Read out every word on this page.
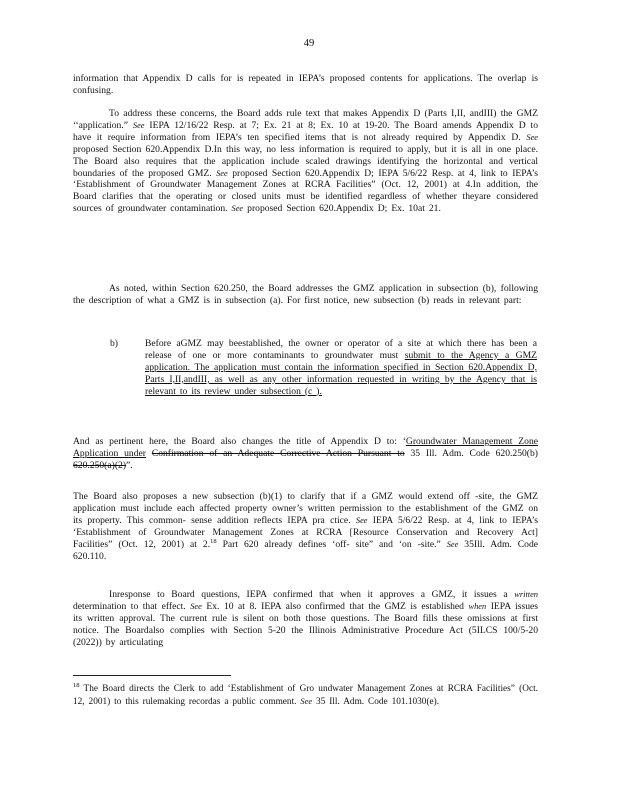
49
information that Appendix D calls for is repeated in IEPA’s proposed contents for applications. The overlap is confusing.
To address these concerns, the Board adds rule text that makes Appendix D (Parts I,II, andIII) the GMZ ‘‘application.” See IEPA 12/16/22 Resp. at 7; Ex. 21 at 8; Ex. 10 at 19-20. The Board amends Appendix D to have it require information from IEPA’s ten specified items that is not already required by Appendix D. See proposed Section 620.Appendix D.In this way, no less information is required to apply, but it is all in one place. The Board also requires that the application include scaled drawings identifying the horizontal and vertical boundaries of the proposed GMZ. See proposed Section 620.Appendix D; IEPA 5/6/22 Resp. at 4, link to IEPA’s ‘Establishment of Groundwater Management Zones at RCRA Facilities” (Oct. 12, 2001) at 4.In addition, the Board clarifies that the operating or closed units must be identified regardless of whether theyare considered sources of groundwater contamination. See proposed Section 620.Appendix D; Ex. 10at 21.
As noted, within Section 620.250, the Board addresses the GMZ application in subsection (b), following the description of what a GMZ is in subsection (a). For first notice, new subsection (b) reads in relevant part:
b)	Before aGMZ may beestablished, the owner or operator of a site at which there has been a release of one or more contaminants to groundwater must submit to the Agency a GMZ application. The application must contain the information specified in Section 620.Appendix D, Parts I,II,andIII, as well as any other information requested in writing by the Agency that is relevant to its review under subsection (c ).
And as pertinent here, the Board also changes the title of Appendix D to: ‘Groundwater Management Zone Application under Confirmation of an Adequate Corrective Action Pursuant to 35 Ill. Adm. Code 620.250(b) 620.250(a)(2)”.
The Board also proposes a new subsection (b)(1) to clarify that if a GMZ would extend off -site, the GMZ application must include each affected property owner’s written permission to the establishment of the GMZ on its property. This common- sense addition reflects IEPA pra ctice. See IEPA 5/6/22 Resp. at 4, link to IEPA’s ‘Establishment of Groundwater Management Zones at RCRA [Resource Conservation and Recovery Act] Facilities” (Oct. 12, 2001) at 2.18 Part 620 already defines ‘off- site” and ‘on -site.” See 35Ill. Adm. Code 620.110.
Inresponse to Board questions, IEPA confirmed that when it approves a GMZ, it issues a written determination to that effect. See Ex. 10 at 8. IEPA also confirmed that the GMZ is established when IEPA issues its written approval. The current rule is silent on both those questions. The Board fills these omissions at first notice. The Boardalso complies with Section 5-20 the Illinois Administrative Procedure Act (5ILCS 100/5-20 (2022)) by articulating
$^{18}$ The Board directs the Clerk to add ‘Establishment of Gro undwater Management Zones at RCRA Facilities” (Oct. 12, 2001) to this rulemaking recordas a public comment. See 35 Ill. Adm. Code 101.1030(e).
